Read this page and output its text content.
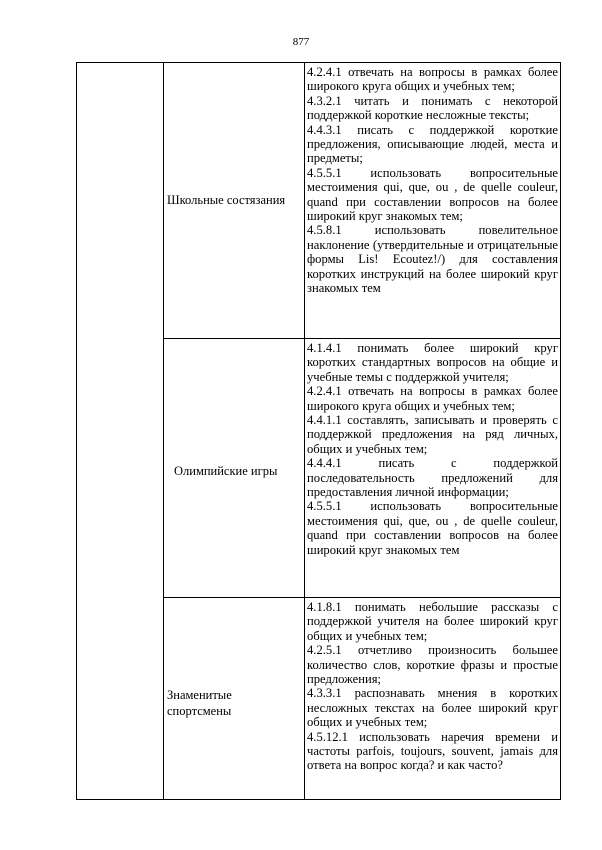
877
Школьные состязания
4.2.4.1 отвечать на вопросы в рамках более широкого круга общих и учебных тем;
4.3.2.1 читать и понимать с некоторой поддержкой короткие несложные тексты;
4.4.3.1 писать с поддержкой короткие предложения, описывающие людей, места и предметы;
4.5.5.1 использовать вопросительные местоимения qui, que, ou , de quelle couleur, quand при составлении вопросов на более широкий круг знакомых тем;
4.5.8.1 использовать повелительное наклонение (утвердительные и отрицательные формы Lis! Ecoutez!/) для составления коротких инструкций на более широкий круг знакомых тем
Олимпийские игры
4.1.4.1 понимать более широкий круг коротких стандартных вопросов на общие и учебные темы с поддержкой учителя;
4.2.4.1 отвечать на вопросы в рамках более широкого круга общих и учебных тем;
4.4.1.1 составлять, записывать и проверять с поддержкой предложения на ряд личных, общих и учебных тем;
4.4.4.1 писать с поддержкой последовательность предложений для предоставления личной информации;
4.5.5.1 использовать вопросительные местоимения qui, que, ou , de quelle couleur, quand при составлении вопросов на более широкий круг знакомых тем
Знаменитые спортсмены
4.1.8.1 понимать небольшие рассказы с поддержкой учителя на более широкий круг общих и учебных тем;
4.2.5.1 отчетливо произносить большее количество слов, короткие фразы и простые предложения;
4.3.3.1 распознавать мнения в коротких несложных текстах на более широкий круг общих и учебных тем;
4.5.12.1 использовать наречия времени и частоты parfois, toujours, souvent, jamais для ответа на вопрос когда? и как часто?
